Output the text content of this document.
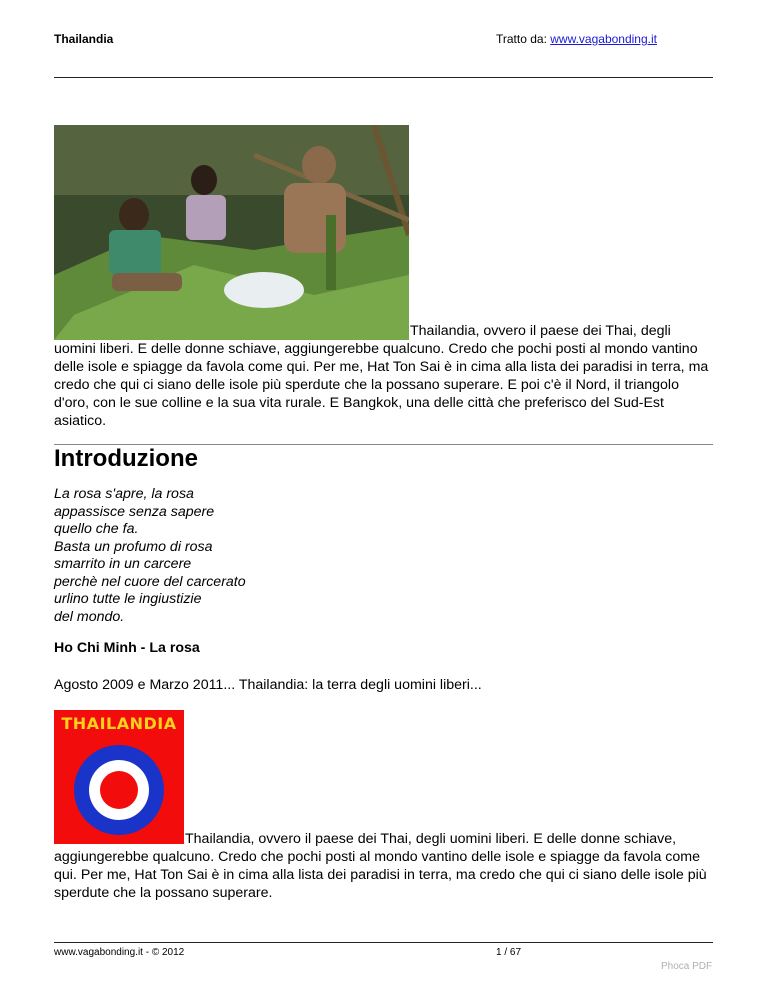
Thailandia	Tratto da: www.vagabonding.it
Thailandia, ovvero il paese dei Thai, degli uomini liberi. E delle donne schiave, aggiungerebbe qualcuno. Credo che pochi posti al mondo vantino delle isole e spiagge da favola come qui. Per me, Hat Ton Sai è in cima alla lista dei paradisi in terra, ma credo che qui ci siano delle isole più sperdute che la possano superare. E poi c'è il Nord, il triangolo d'oro, con le sue colline e la sua vita rurale. E Bangkok, una delle città che preferisco del Sud-Est asiatico.
Introduzione
La rosa s'apre, la rosa
appassisce senza sapere
quello che fa.
Basta un profumo di rosa
smarrito in un carcere
perchè nel cuore del carcerato
urlino tutte le ingiustizie
del mondo.
Ho Chi Minh - La rosa
Agosto 2009 e Marzo 2011... Thailandia: la terra degli uomini liberi...
Thailandia, ovvero il paese dei Thai, degli uomini liberi. E delle donne schiave, aggiungerebbe qualcuno. Credo che pochi posti al mondo vantino delle isole e spiagge da favola come qui. Per me, Hat Ton Sai è in cima alla lista dei paradisi in terra, ma credo che qui ci siano delle isole più sperdute che la possano superare.
THAILANDIA
www.vagabonding.it - © 2012	1 / 67
Phoca PDF
